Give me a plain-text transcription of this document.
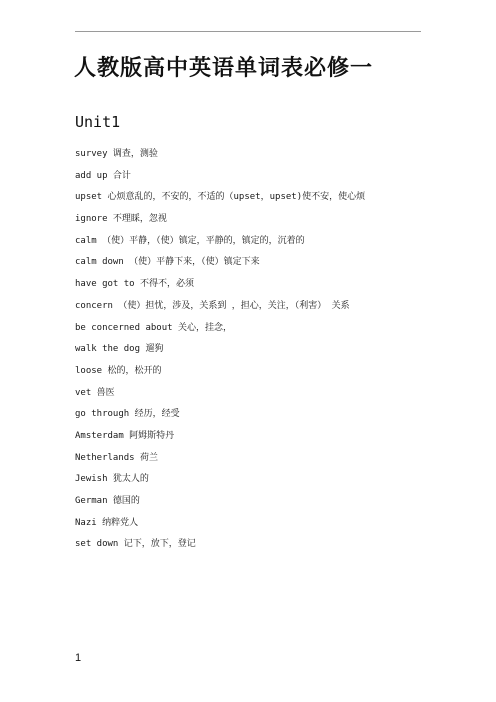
人教版高中英语单词表必修一
Unit1
survey 调查，测验
add up 合计
upset 心烦意乱的，不安的，不适的（upset，upset)使不安，使心烦
ignore 不理睬，忽视
calm （使）平静，（使）镇定，平静的，镇定的，沉着的
calm down （使）平静下来，（使）镇定下来
have got to 不得不，必须
concern （使）担忧，涉及，关系到 ，担心，关注，（利害） 关系
be concerned about 关心，挂念，
walk the dog 遛狗
loose 松的，松开的
vet 兽医
go through 经历，经受
Amsterdam 阿姆斯特丹
Netherlands 荷兰
Jewish 犹太人的
German 德国的
Nazi 纳粹党人
set down 记下，放下，登记
1
